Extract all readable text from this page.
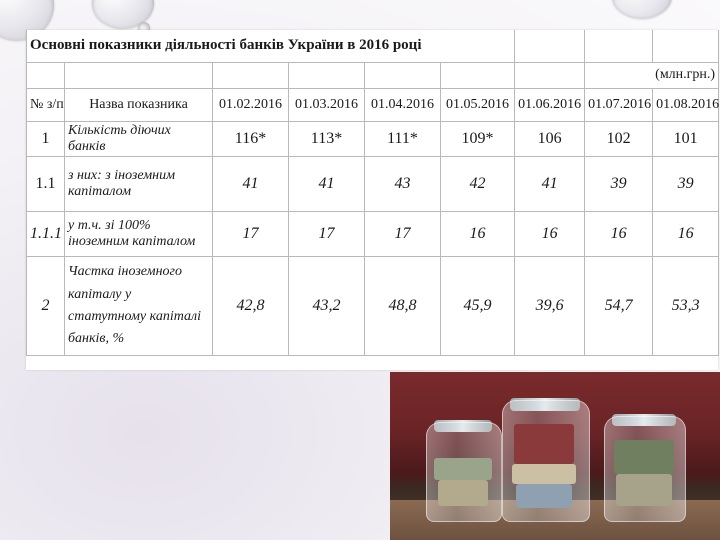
Основні показники діяльності банків України в 2016 році								
							(млн.грн.)	
№ з/п	Назва показника	01.02.2016	01.03.2016	01.04.2016	01.05.2016	01.06.2016	01.07.2016	01.08.2016
1	Кількість діючих банків	116*	113*	111*	109*	106	102	101
1.1	з них: з іноземним капіталом	41	41	43	42	41	39	39
1.1.1	у т.ч. зі 100% іноземним капіталом	17	17	17	16	16	16	16
2	Частка іноземного капіталу у статутному капіталі банків, %	42,8	43,2	48,8	45,9	39,6	54,7	53,3
